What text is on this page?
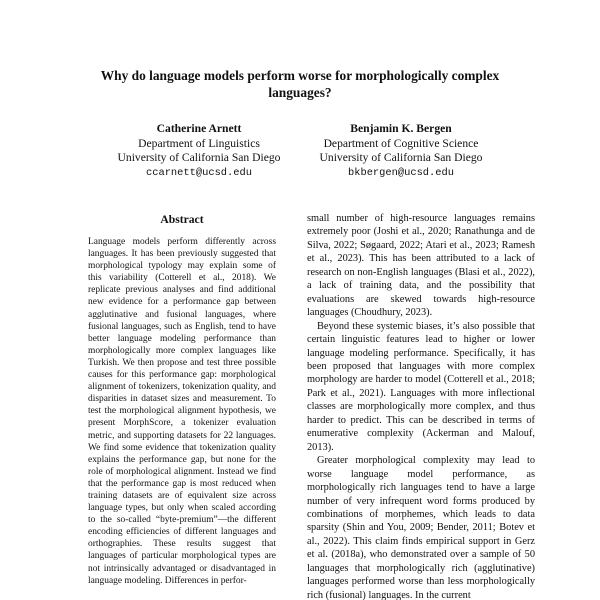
Why do language models perform worse for morphologically complex languages?
Catherine Arnett
Department of Linguistics
University of California San Diego
ccarnett@ucsd.edu
Benjamin K. Bergen
Department of Cognitive Science
University of California San Diego
bkbergen@ucsd.edu
Abstract
Language models perform differently across languages. It has been previously suggested that morphological typology may explain some of this variability (Cotterell et al., 2018). We replicate previous analyses and find additional new evidence for a performance gap between agglutinative and fusional languages, where fusional languages, such as English, tend to have better language modeling performance than morphologically more complex languages like Turkish. We then propose and test three possible causes for this performance gap: morphological alignment of tokenizers, tokenization quality, and disparities in dataset sizes and measurement. To test the morphological alignment hypothesis, we present MorphScore, a tokenizer evaluation metric, and supporting datasets for 22 languages. We find some evidence that tokenization quality explains the performance gap, but none for the role of morphological alignment. Instead we find that the performance gap is most reduced when training datasets are of equivalent size across language types, but only when scaled according to the so-called “byte-premium”—the different encoding efficiencies of different languages and orthographies. These results suggest that languages of particular morphological types are not intrinsically advantaged or disadvantaged in language modeling. Differences in perfor-

small number of high-resource languages remains extremely poor (Joshi et al., 2020; Ranathunga and de Silva, 2022; Søgaard, 2022; Atari et al., 2023; Ramesh et al., 2023). This has been attributed to a lack of research on non-English languages (Blasi et al., 2022), a lack of training data, and the possibility that evaluations are skewed towards high-resource languages (Choudhury, 2023).

Beyond these systemic biases, it’s also possible that certain linguistic features lead to higher or lower language modeling performance. Specifically, it has been proposed that languages with more complex morphology are harder to model (Cotterell et al., 2018; Park et al., 2021). Languages with more inflectional classes are morphologically more complex, and thus harder to predict. This can be described in terms of enumerative complexity (Ackerman and Malouf, 2013).

Greater morphological complexity may lead to worse language model performance, as morphologically rich languages tend to have a large number of very infrequent word forms produced by combinations of morphemes, which leads to data sparsity (Shin and You, 2009; Bender, 2011; Botev et al., 2022). This claim finds empirical support in Gerz et al. (2018a), who demonstrated over a sample of 50 languages that morphologically rich (agglutinative) languages performed worse than less morphologically rich (fusional) languages. In the current
